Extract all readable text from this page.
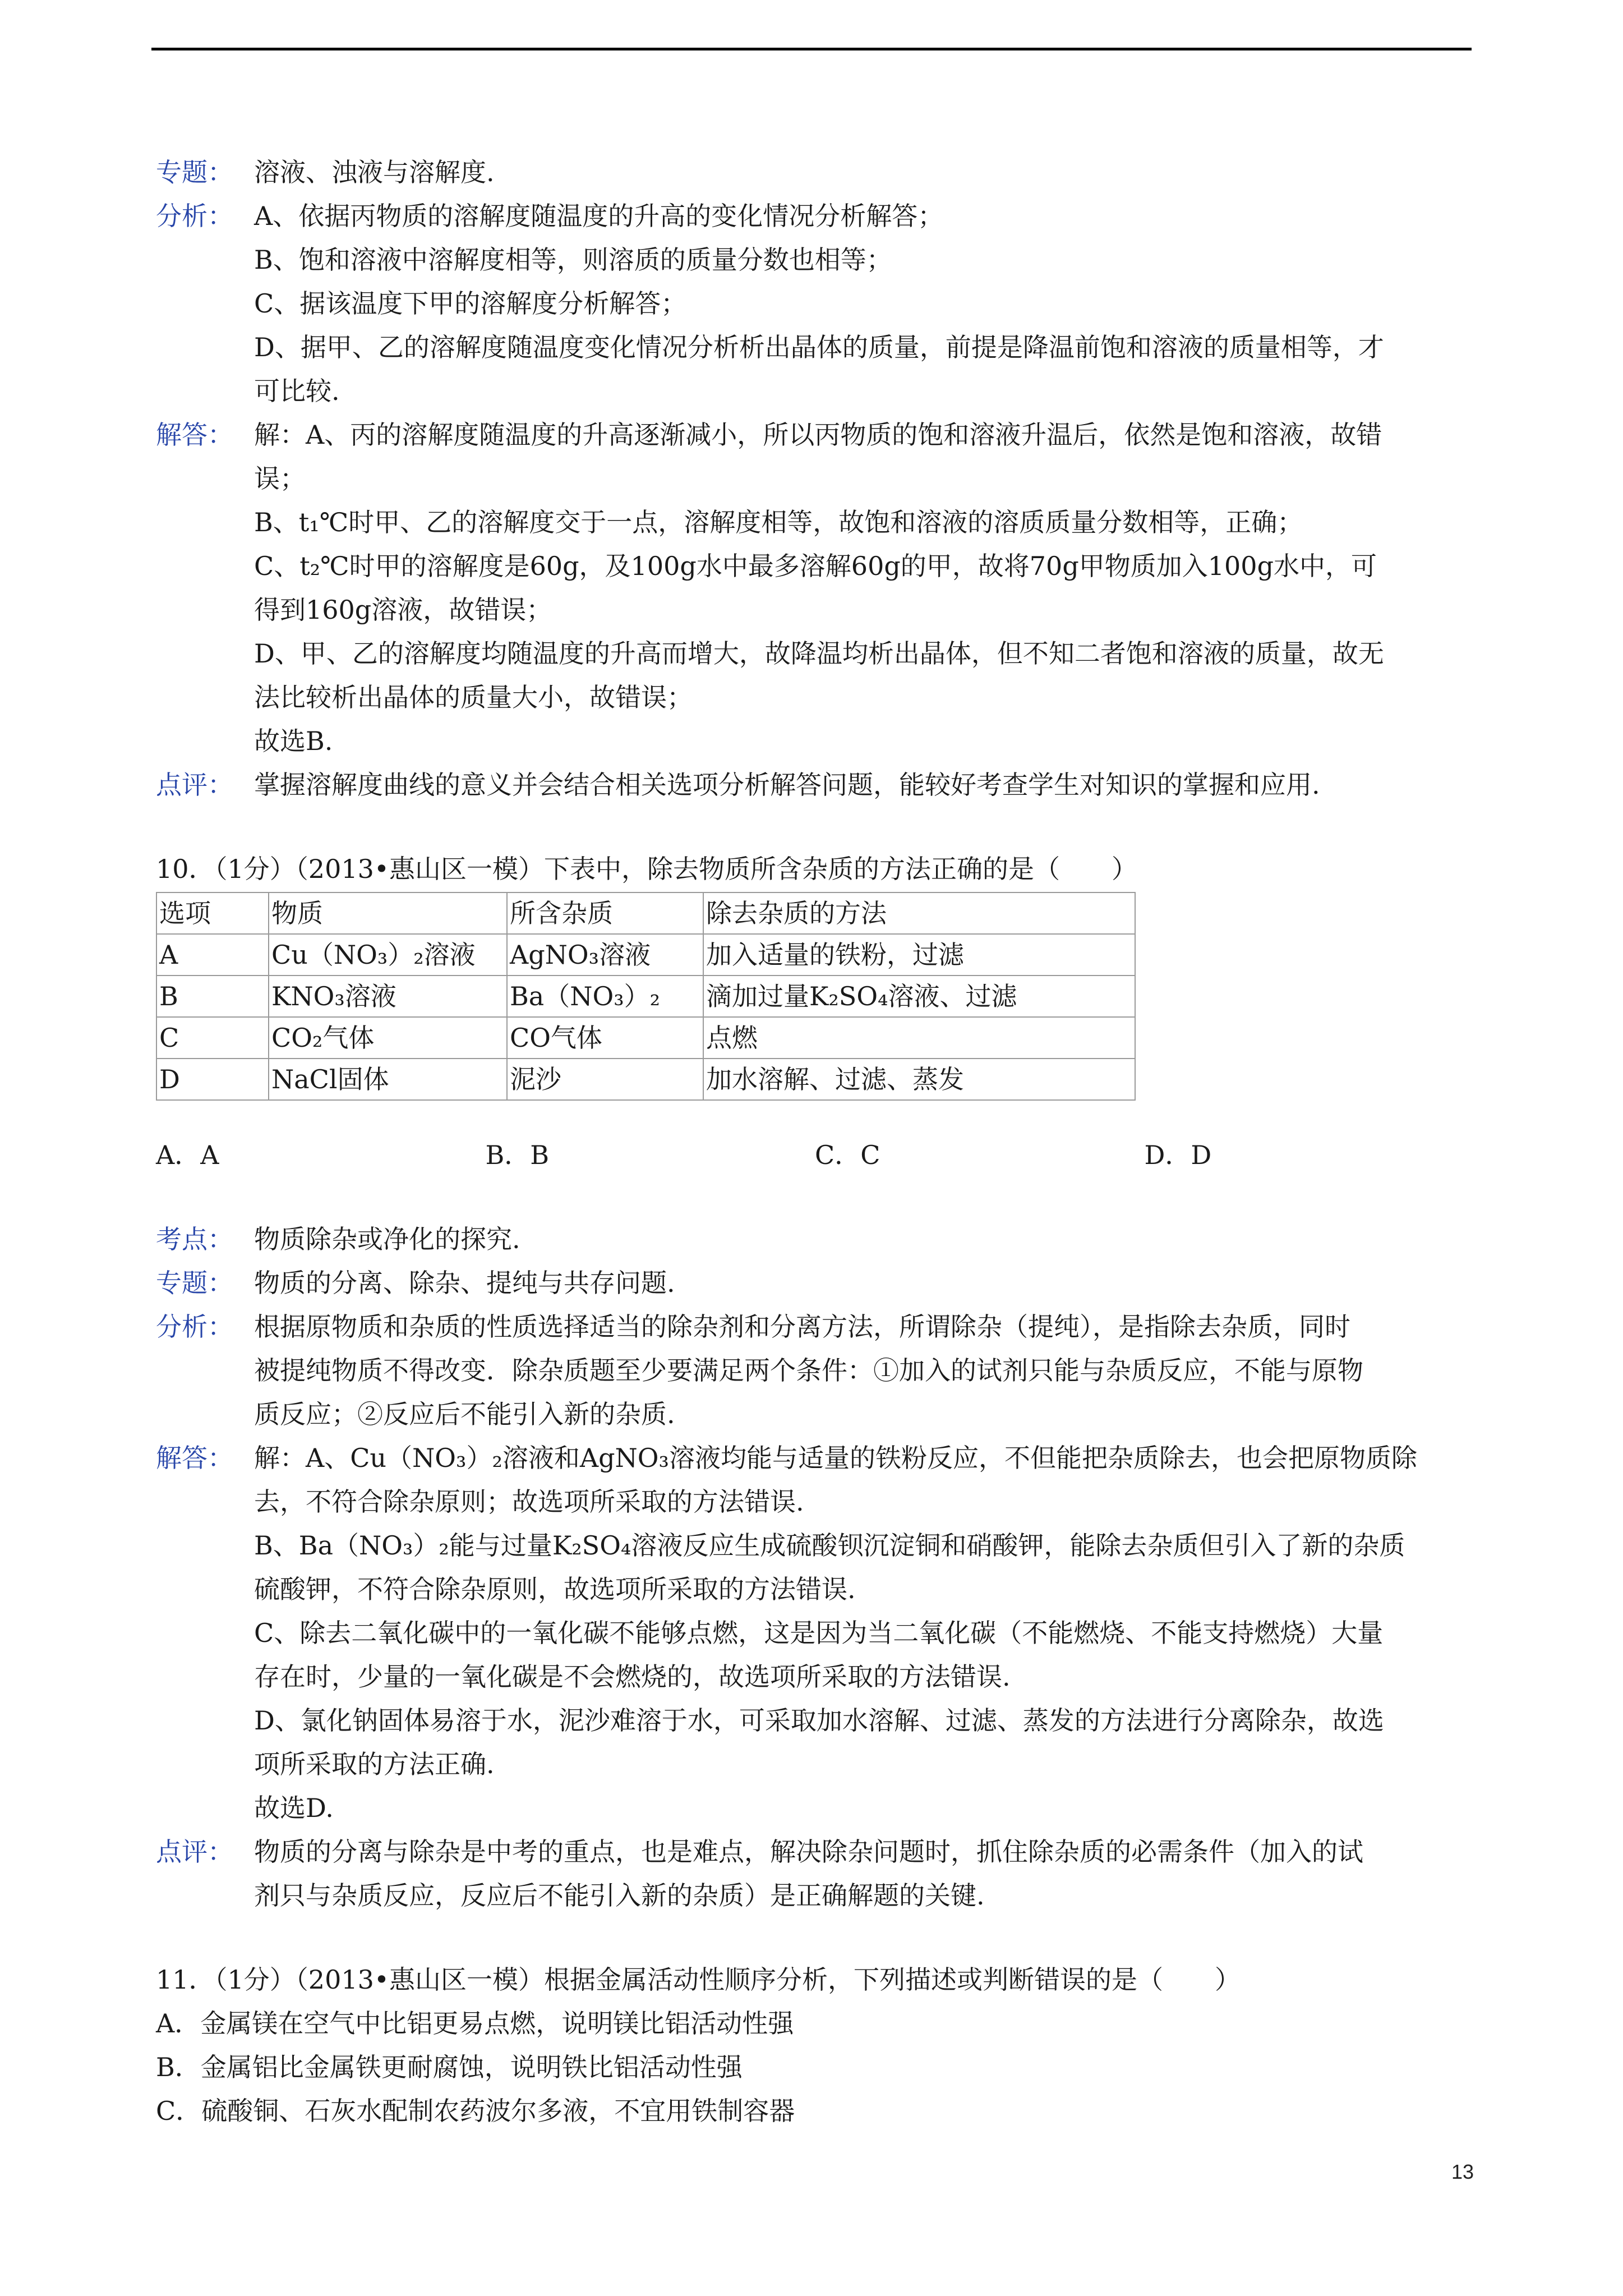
专题： 溶液、浊液与溶解度.
分析： A、依据丙物质的溶解度随温度的升高的变化情况分析解答；
B、饱和溶液中溶解度相等，则溶质的质量分数也相等；
C、据该温度下甲的溶解度分析解答；
D、据甲、乙的溶解度随温度变化情况分析析出晶体的质量，前提是降温前饱和溶液的质量相等，才
可比较.
解答： 解：A、丙的溶解度随温度的升高逐渐减小，所以丙物质的饱和溶液升温后，依然是饱和溶液，故错
误；
B、t₁℃时甲、乙的溶解度交于一点，溶解度相等，故饱和溶液的溶质质量分数相等，正确；
C、t₂℃时甲的溶解度是60g，及100g水中最多溶解60g的甲，故将70g甲物质加入100g水中，可
得到160g溶液，故错误；
D、甲、乙的溶解度均随温度的升高而增大，故降温均析出晶体，但不知二者饱和溶液的质量，故无
法比较析出晶体的质量大小，故错误；
故选B.
点评： 掌握溶解度曲线的意义并会结合相关选项分析解答问题，能较好考查学生对知识的掌握和应用.
10．（1分）（2013•惠山区一模）下表中，除去物质所含杂质的方法正确的是（　　）
选项	物质	所含杂质	除去杂质的方法
A	Cu（NO₃）₂溶液	AgNO₃溶液	加入适量的铁粉，过滤
B	KNO₃溶液	Ba（NO₃）₂	滴加过量K₂SO₄溶液、过滤
C	CO₂气体	CO气体	点燃
D	NaCl固体	泥沙	加水溶解、过滤、蒸发
A．A	B．B	C．C	D．D
考点： 物质除杂或净化的探究.
专题： 物质的分离、除杂、提纯与共存问题.
分析： 根据原物质和杂质的性质选择适当的除杂剂和分离方法，所谓除杂（提纯），是指除去杂质，同时
被提纯物质不得改变．除杂质题至少要满足两个条件：①加入的试剂只能与杂质反应，不能与原物
质反应；②反应后不能引入新的杂质.
解答： 解：A、Cu（NO₃）₂溶液和AgNO₃溶液均能与适量的铁粉反应，不但能把杂质除去，也会把原物质除
去，不符合除杂原则；故选项所采取的方法错误.
B、Ba（NO₃）₂能与过量K₂SO₄溶液反应生成硫酸钡沉淀铜和硝酸钾，能除去杂质但引入了新的杂质
硫酸钾，不符合除杂原则，故选项所采取的方法错误.
C、除去二氧化碳中的一氧化碳不能够点燃，这是因为当二氧化碳（不能燃烧、不能支持燃烧）大量
存在时，少量的一氧化碳是不会燃烧的，故选项所采取的方法错误.
D、氯化钠固体易溶于水，泥沙难溶于水，可采取加水溶解、过滤、蒸发的方法进行分离除杂，故选
项所采取的方法正确.
故选D.
点评： 物质的分离与除杂是中考的重点，也是难点，解决除杂问题时，抓住除杂质的必需条件（加入的试
剂只与杂质反应，反应后不能引入新的杂质）是正确解题的关键.
11．（1分）（2013•惠山区一模）根据金属活动性顺序分析，下列描述或判断错误的是（　　）
A．金属镁在空气中比铝更易点燃，说明镁比铝活动性强
B．金属铝比金属铁更耐腐蚀，说明铁比铝活动性强
C．硫酸铜、石灰水配制农药波尔多液，不宜用铁制容器
13
